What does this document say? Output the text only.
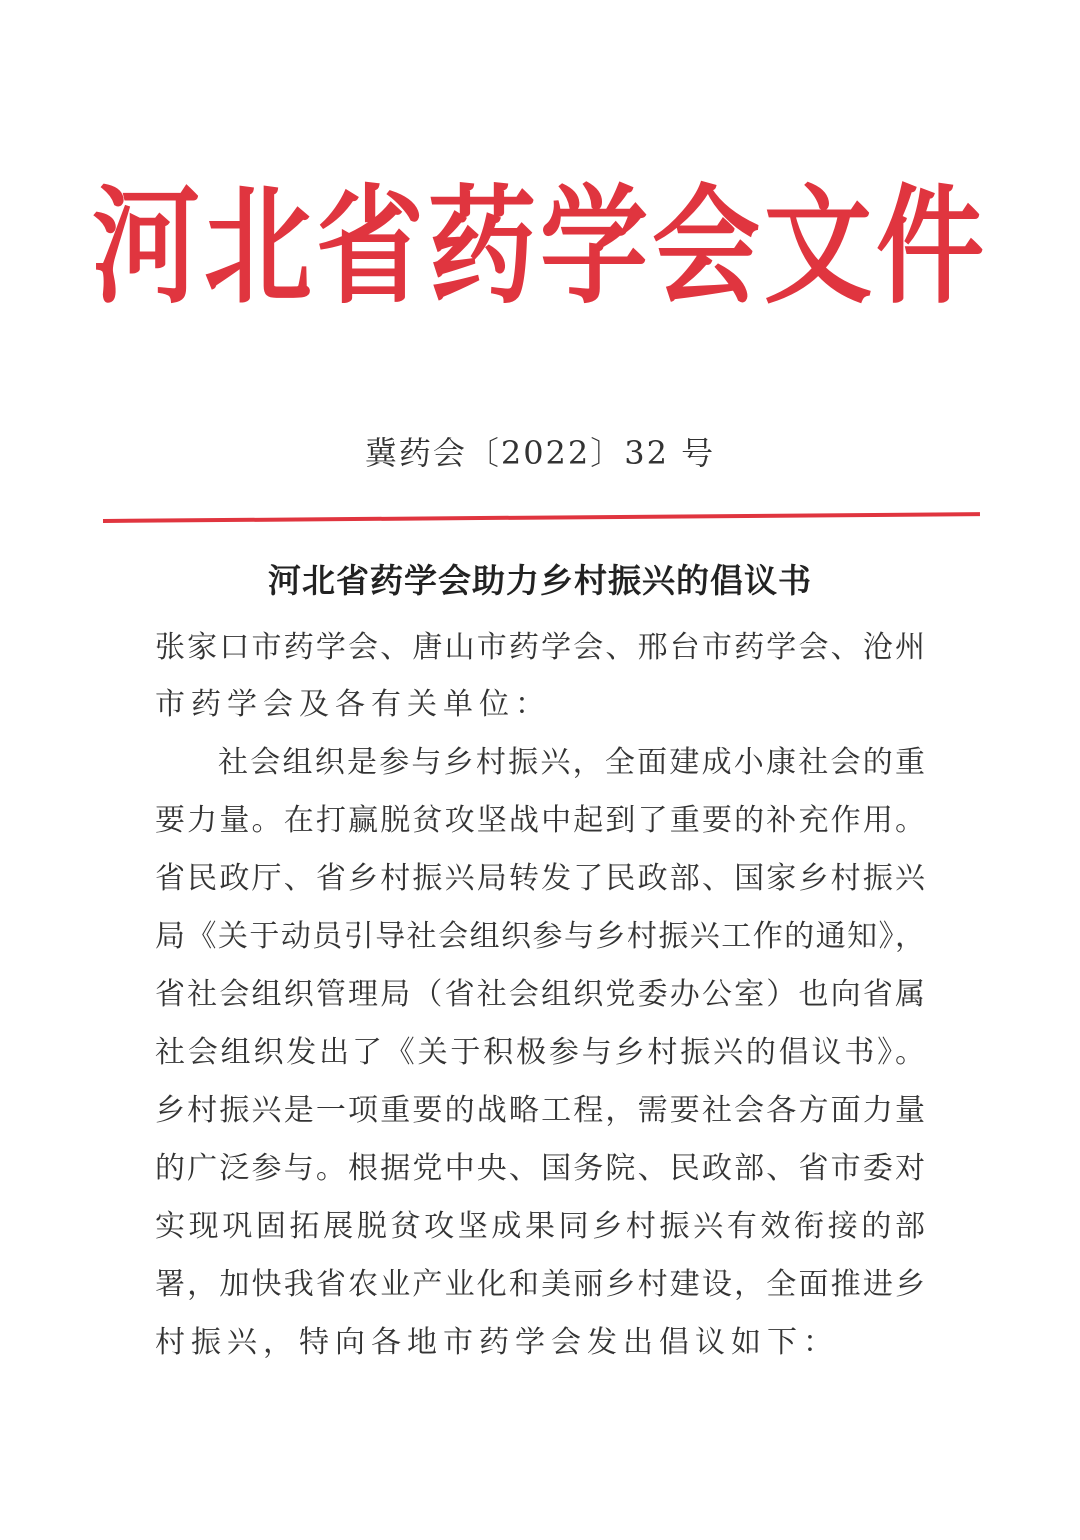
河北省药学会文件
冀药会〔2022〕32 号
河北省药学会助力乡村振兴的倡议书
张家口市药学会、唐山市药学会、邢台市药学会、沧州
市药学会及各有关单位：
社会组织是参与乡村振兴，全面建成小康社会的重
要力量。在打赢脱贫攻坚战中起到了重要的补充作用。
省民政厅、省乡村振兴局转发了民政部、国家乡村振兴
局《关于动员引导社会组织参与乡村振兴工作的通知》，
省社会组织管理局（省社会组织党委办公室）也向省属
社会组织发出了《关于积极参与乡村振兴的倡议书》。
乡村振兴是一项重要的战略工程，需要社会各方面力量
的广泛参与。根据党中央、国务院、民政部、省市委对
实现巩固拓展脱贫攻坚成果同乡村振兴有效衔接的部
署，加快我省农业产业化和美丽乡村建设，全面推进乡
村振兴，特向各地市药学会发出倡议如下：
